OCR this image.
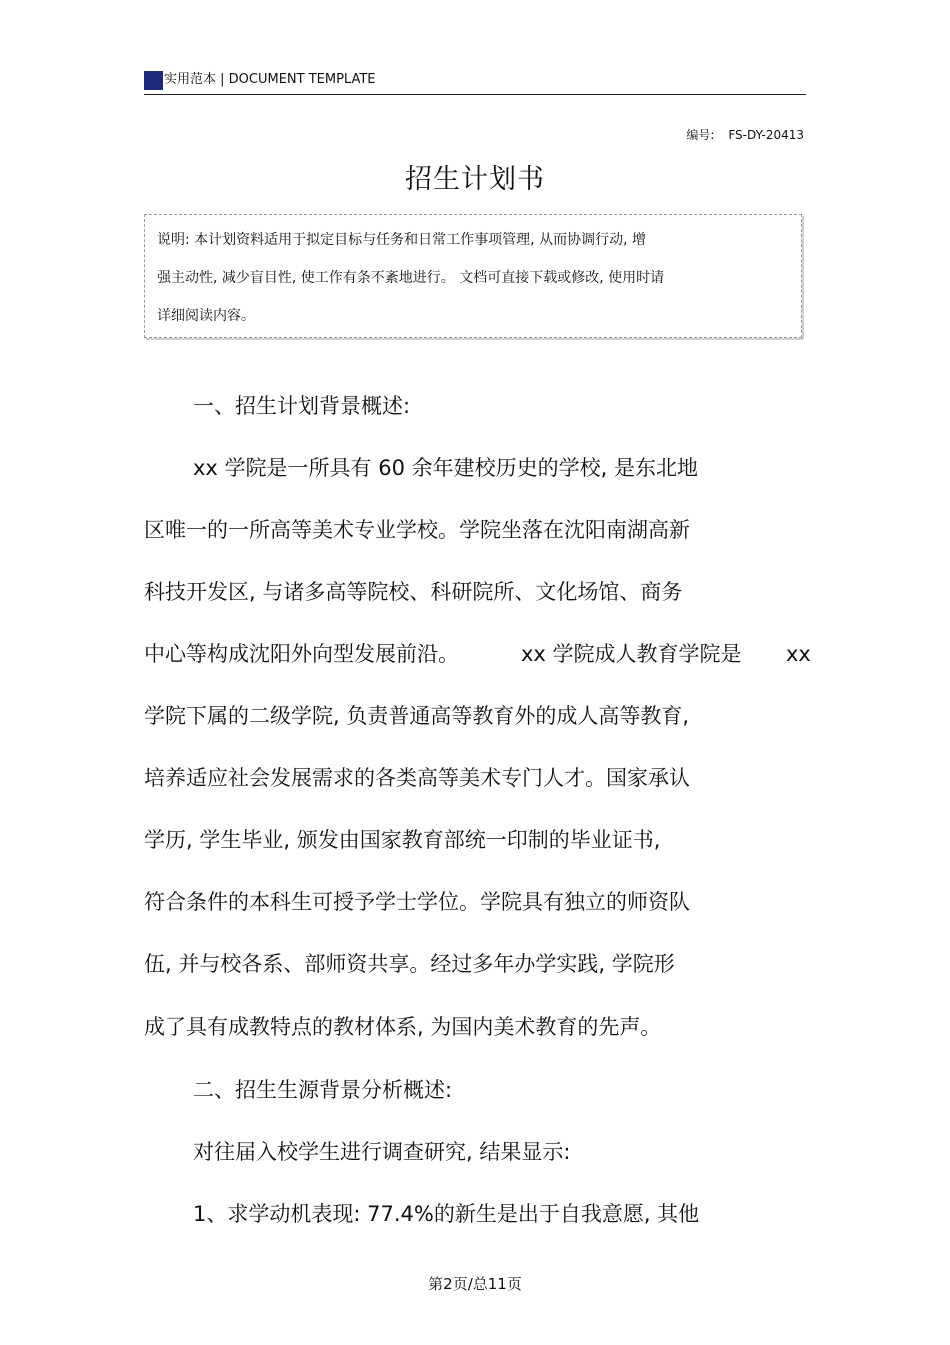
实用范本 | DOCUMENT TEMPLATE
编号: FS-DY-20413
招生计划书
说明: 本计划资料适用于拟定目标与任务和日常工作事项管理, 从而协调行动, 增
强主动性, 减少盲目性, 使工作有条不紊地进行。 文档可直接下载或修改, 使用时请
详细阅读内容。
一、招生计划背景概述:
xx 学院是一所具有 60 余年建校历史的学校, 是东北地
区唯一的一所高等美术专业学校。学院坐落在沈阳南湖高新
科技开发区, 与诸多高等院校、科研院所、文化场馆、商务
中心等构成沈阳外向型发展前沿。	xx 学院成人教育学院是 xx
学院下属的二级学院, 负责普通高等教育外的成人高等教育,
培养适应社会发展需求的各类高等美术专门人才。国家承认
学历, 学生毕业, 颁发由国家教育部统一印制的毕业证书,
符合条件的本科生可授予学士学位。学院具有独立的师资队
伍, 并与校各系、部师资共享。经过多年办学实践, 学院形
成了具有成教特点的教材体系, 为国内美术教育的先声。
二、招生生源背景分析概述:
对往届入校学生进行调查研究, 结果显示:
1、求学动机表现: 77.4%的新生是出于自我意愿, 其他
第2页/总11页
